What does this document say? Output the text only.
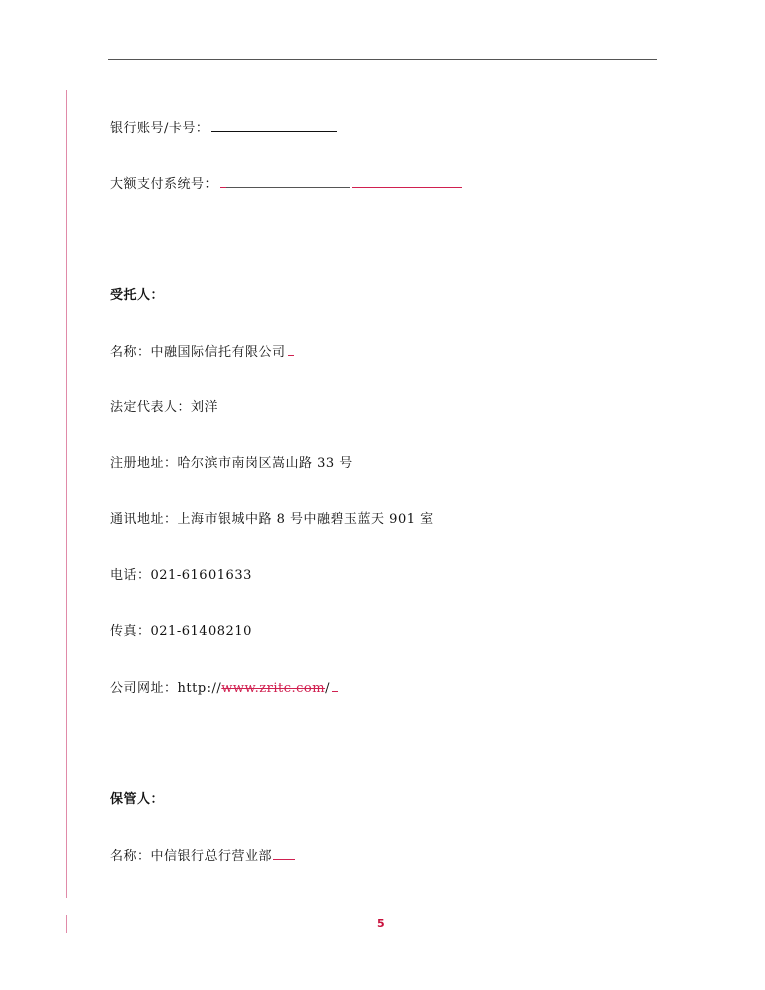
银行账号/卡号：
大额支付系统号：
受托人：
名称：中融国际信托有限公司
法定代表人：刘洋
注册地址：哈尔滨市南岗区嵩山路 33 号
通讯地址：上海市银城中路 8 号中融碧玉蓝天 901 室
电话：021-61601633
传真：021-61408210
公司网址：http://www.zritc.com/
保管人：
名称：中信银行总行营业部
5
